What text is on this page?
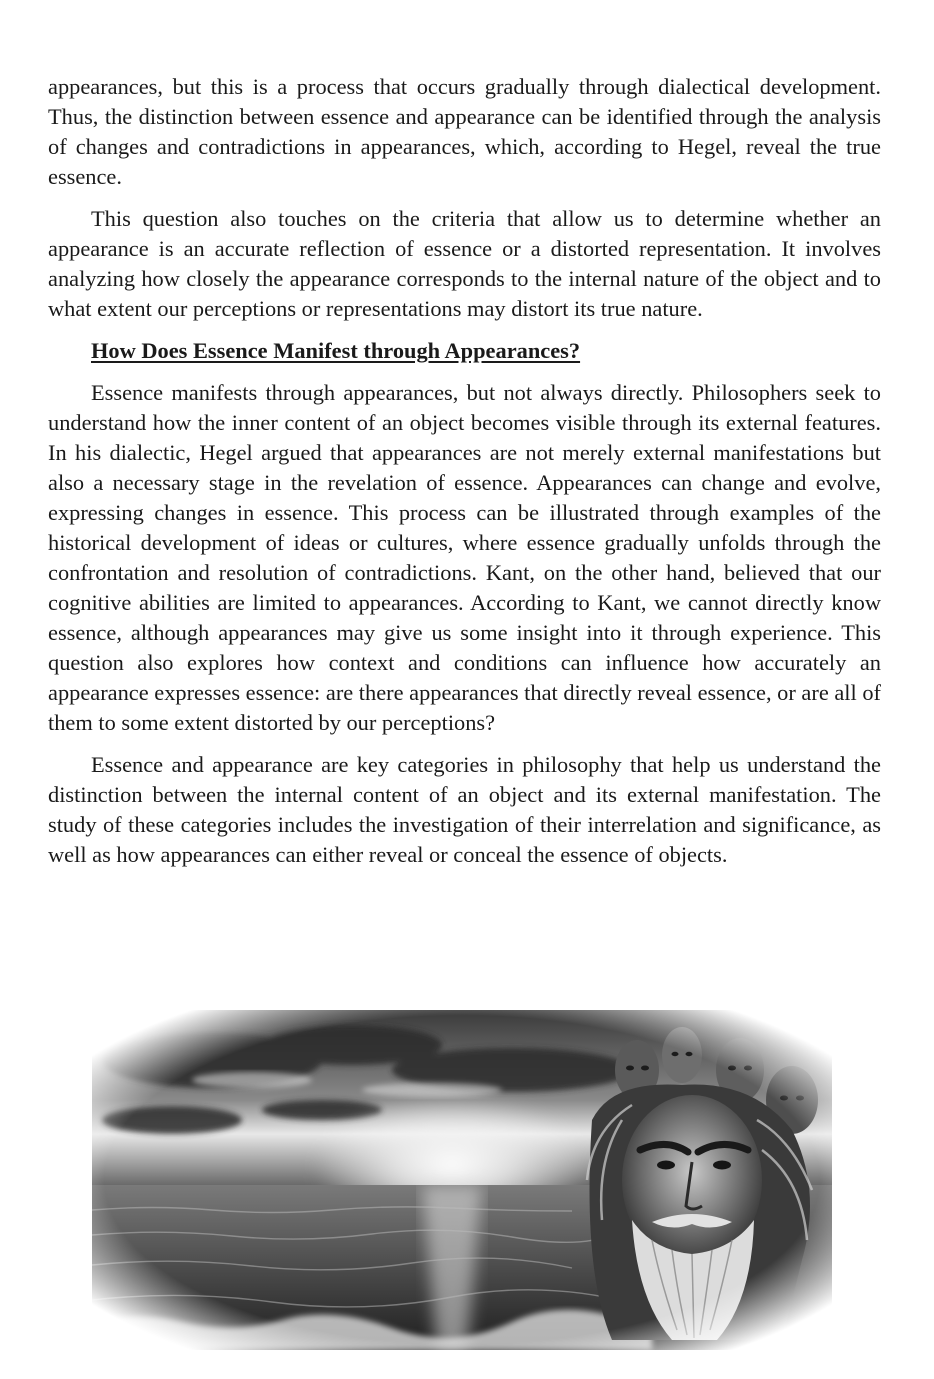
appearances, but this is a process that occurs gradually through dialectical development. Thus, the distinction between essence and appearance can be identified through the analysis of changes and contradictions in appearances, which, according to Hegel, reveal the true essence.

This question also touches on the criteria that allow us to determine whether an appearance is an accurate reflection of essence or a distorted representation. It involves analyzing how closely the appearance corresponds to the internal nature of the object and to what extent our perceptions or representations may distort its true nature.

How Does Essence Manifest through Appearances?

Essence manifests through appearances, but not always directly. Philosophers seek to understand how the inner content of an object becomes visible through its external features. In his dialectic, Hegel argued that appearances are not merely external manifestations but also a necessary stage in the revelation of essence. Appearances can change and evolve, expressing changes in essence. This process can be illustrated through examples of the historical development of ideas or cultures, where essence gradually unfolds through the confrontation and resolution of contradictions. Kant, on the other hand, believed that our cognitive abilities are limited to appearances. According to Kant, we cannot directly know essence, although appearances may give us some insight into it through experience. This question also explores how context and conditions can influence how accurately an appearance expresses essence: are there appearances that directly reveal essence, or are all of them to some extent distorted by our perceptions?

Essence and appearance are key categories in philosophy that help us understand the distinction between the internal content of an object and its external manifestation. The study of these categories includes the investigation of their interrelation and significance, as well as how appearances can either reveal or conceal the essence of objects.
